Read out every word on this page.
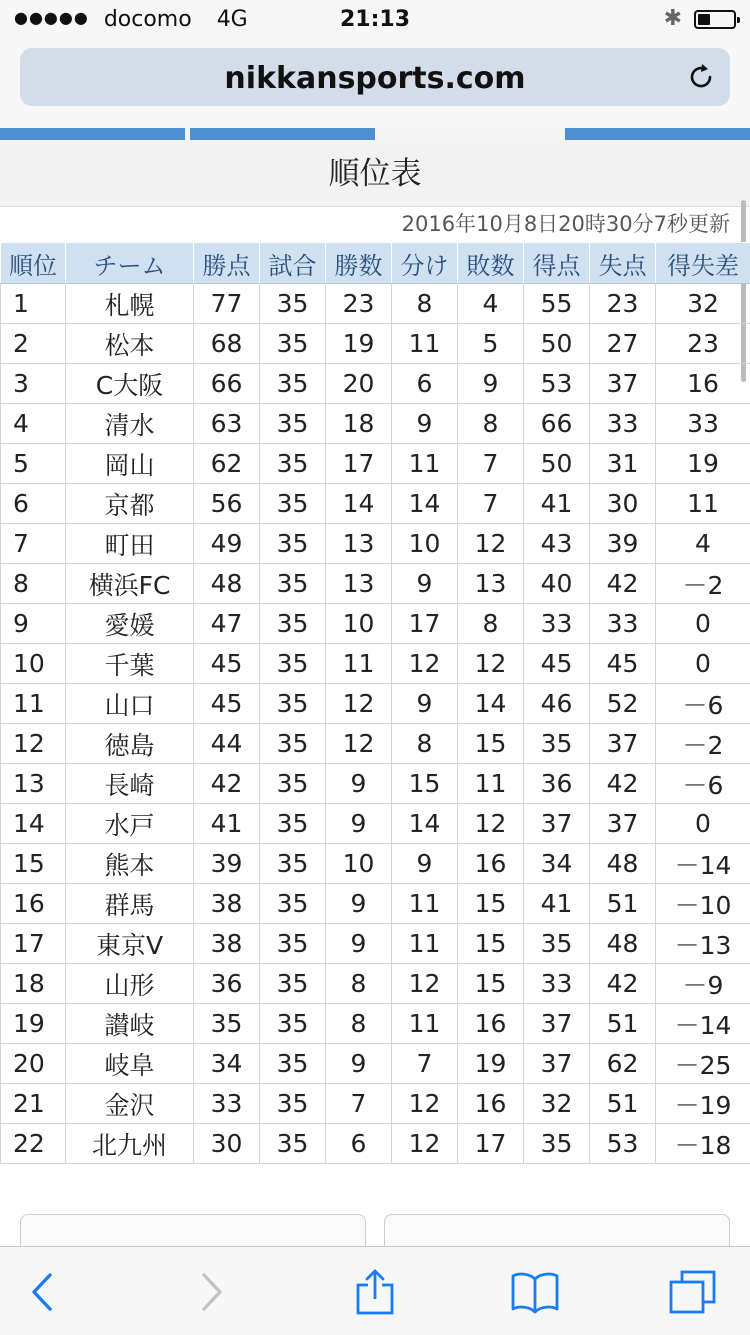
●●●●● docomo 4G	21:13	✱
nikkansports.com
順位表
2016年10月8日20時30分7秒更新
順位	チーム	勝点	試合	勝数	分け	敗数	得点	失点	得失差
1	札幌	77	35	23	8	4	55	23	32
2	松本	68	35	19	11	5	50	27	23
3	C大阪	66	35	20	6	9	53	37	16
4	清水	63	35	18	9	8	66	33	33
5	岡山	62	35	17	11	7	50	31	19
6	京都	56	35	14	14	7	41	30	11
7	町田	49	35	13	10	12	43	39	4
8	横浜FC	48	35	13	9	13	40	42	－2
9	愛媛	47	35	10	17	8	33	33	0
10	千葉	45	35	11	12	12	45	45	0
11	山口	45	35	12	9	14	46	52	－6
12	徳島	44	35	12	8	15	35	37	－2
13	長崎	42	35	9	15	11	36	42	－6
14	水戸	41	35	9	14	12	37	37	0
15	熊本	39	35	10	9	16	34	48	－14
16	群馬	38	35	9	11	15	41	51	－10
17	東京V	38	35	9	11	15	35	48	－13
18	山形	36	35	8	12	15	33	42	－9
19	讃岐	35	35	8	11	16	37	51	－14
20	岐阜	34	35	9	7	19	37	62	－25
21	金沢	33	35	7	12	16	32	51	－19
22	北九州	30	35	6	12	17	35	53	－18
